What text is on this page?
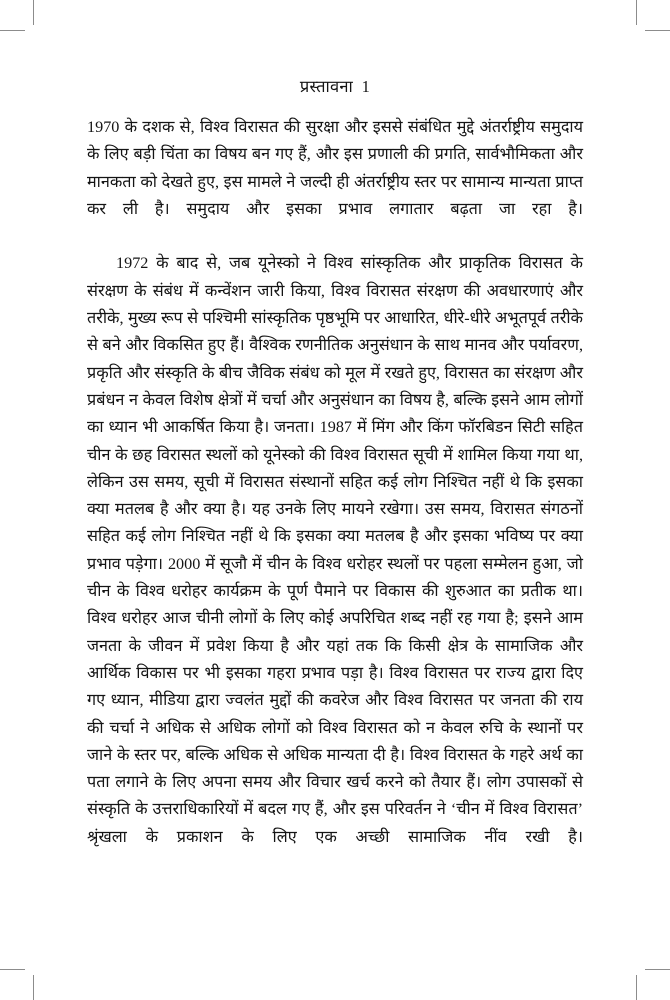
प्रस्तावना  1

1970 के दशक से, विश्व विरासत की सुरक्षा और इससे संबंधित मुद्दे अंतर्राष्ट्रीय समुदाय के लिए बड़ी चिंता का विषय बन गए हैं, और इस प्रणाली की प्रगति, सार्वभौमिकता और मानकता को देखते हुए, इस मामले ने जल्दी ही अंतर्राष्ट्रीय स्तर पर सामान्य मान्यता प्राप्त कर ली है। समुदाय और इसका प्रभाव लगातार बढ़ता जा रहा है।

1972 के बाद से, जब यूनेस्को ने विश्व सांस्कृतिक और प्राकृतिक विरासत के संरक्षण के संबंध में कन्वेंशन जारी किया, विश्व विरासत संरक्षण की अवधारणाएं और तरीके, मुख्य रूप से पश्चिमी सांस्कृतिक पृष्ठभूमि पर आधारित, धीरे-धीरे अभूतपूर्व तरीके से बने और विकसित हुए हैं। वैश्विक रणनीतिक अनुसंधान के साथ मानव और पर्यावरण, प्रकृति और संस्कृति के बीच जैविक संबंध को मूल में रखते हुए, विरासत का संरक्षण और प्रबंधन न केवल विशेष क्षेत्रों में चर्चा और अनुसंधान का विषय है, बल्कि इसने आम लोगों का ध्यान भी आकर्षित किया है। जनता। 1987 में मिंग और किंग फॉरबिडन सिटी सहित चीन के छह विरासत स्थलों को यूनेस्को की विश्व विरासत सूची में शामिल किया गया था, लेकिन उस समय, सूची में विरासत संस्थानों सहित कई लोग निश्चित नहीं थे कि इसका क्या मतलब है और क्या है। यह उनके लिए मायने रखेगा। उस समय, विरासत संगठनों सहित कई लोग निश्चित नहीं थे कि इसका क्या मतलब है और इसका भविष्य पर क्या प्रभाव पड़ेगा। 2000 में सूजौ में चीन के विश्व धरोहर स्थलों पर पहला सम्मेलन हुआ, जो चीन के विश्व धरोहर कार्यक्रम के पूर्ण पैमाने पर विकास की शुरुआत का प्रतीक था। विश्व धरोहर आज चीनी लोगों के लिए कोई अपरिचित शब्द नहीं रह गया है; इसने आम जनता के जीवन में प्रवेश किया है और यहां तक कि किसी क्षेत्र के सामाजिक और आर्थिक विकास पर भी इसका गहरा प्रभाव पड़ा है। विश्व विरासत पर राज्य द्वारा दिए गए ध्यान, मीडिया द्वारा ज्वलंत मुद्दों की कवरेज और विश्व विरासत पर जनता की राय की चर्चा ने अधिक से अधिक लोगों को विश्व विरासत को न केवल रुचि के स्थानों पर जाने के स्तर पर, बल्कि अधिक से अधिक मान्यता दी है। विश्व विरासत के गहरे अर्थ का पता लगाने के लिए अपना समय और विचार खर्च करने को तैयार हैं। लोग उपासकों से संस्कृति के उत्तराधिकारियों में बदल गए हैं, और इस परिवर्तन ने ‘चीन में विश्व विरासत’ श्रृंखला के प्रकाशन के लिए एक अच्छी सामाजिक नींव रखी है।
